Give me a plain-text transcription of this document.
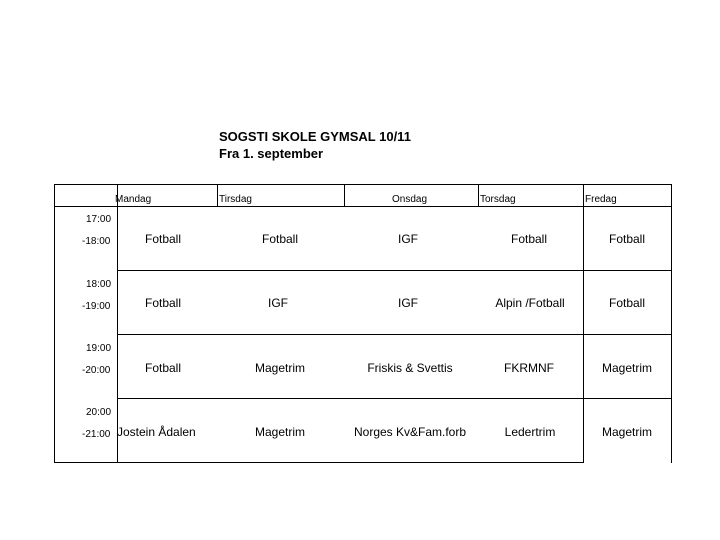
SOGSTI SKOLE GYMSAL 10/11
Fra 1. september
Mandag	Tirsdag	Onsdag	Torsdag	Fredag
17:00
-18:00	Fotball	Fotball	IGF	Fotball	Fotball
18:00
-19:00	Fotball	IGF	IGF	Alpin /Fotball	Fotball
19:00
-20:00	Fotball	Magetrim	Friskis & Svettis	FKRMNF	Magetrim
20:00
-21:00 Jostein Ådalen	Magetrim	Norges Kv&Fam.forb	Ledertrim	Magetrim
